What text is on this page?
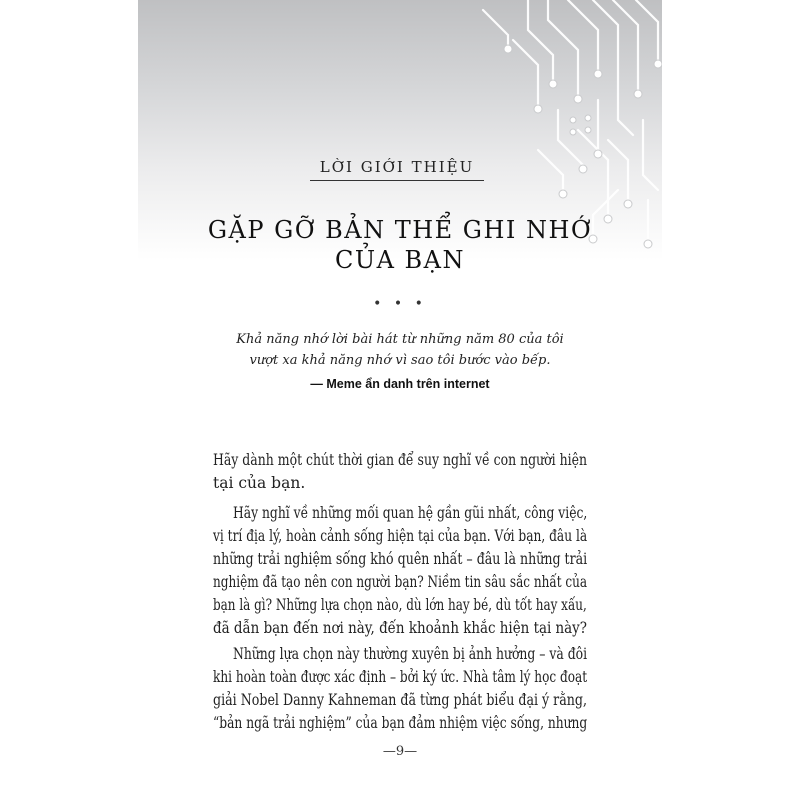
LỜI GIỚI THIỆU
GẶP GỠ BẢN THỂ GHI NHỚ
CỦA BẠN
• • •
Khả năng nhớ lời bài hát từ những năm 80 của tôi
vượt xa khả năng nhớ vì sao tôi bước vào bếp.
— Meme ẩn danh trên internet
Hãy dành một chút thời gian để suy nghĩ về con người hiện
tại của bạn.
Hãy nghĩ về những mối quan hệ gần gũi nhất, công việc,
vị trí địa lý, hoàn cảnh sống hiện tại của bạn. Với bạn, đâu là
những trải nghiệm sống khó quên nhất – đâu là những trải
nghiệm đã tạo nên con người bạn? Niềm tin sâu sắc nhất của
bạn là gì? Những lựa chọn nào, dù lớn hay bé, dù tốt hay xấu,
đã dẫn bạn đến nơi này, đến khoảnh khắc hiện tại này?
Những lựa chọn này thường xuyên bị ảnh hưởng – và đôi
khi hoàn toàn được xác định – bởi ký ức. Nhà tâm lý học đoạt
giải Nobel Danny Kahneman đã từng phát biểu đại ý rằng,
“bản ngã trải nghiệm” của bạn đảm nhiệm việc sống, nhưng
—9—
